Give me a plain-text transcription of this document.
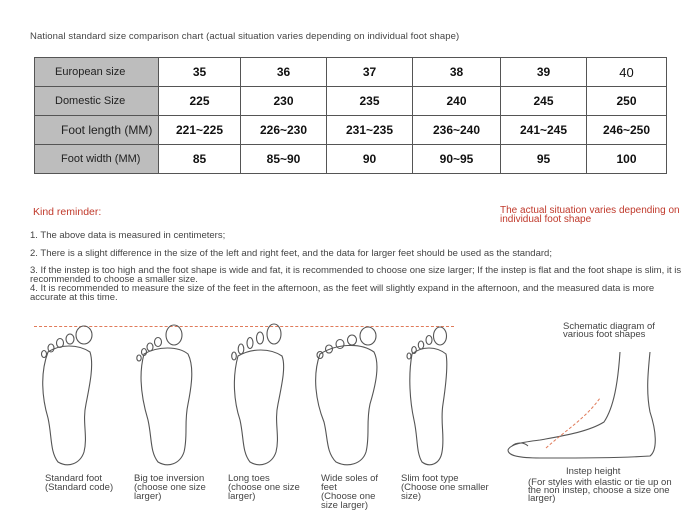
National standard size comparison chart (actual situation varies depending on individual foot shape)
European size	35	36	37	38	39	40
Domestic Size	225	230	235	240	245	250
Foot length (MM)	221~225	226~230	231~235	236~240	241~245	246~250
Foot width (MM)	85	85~90	90	90~95	95	100
Kind reminder:	The actual situation varies depending on individual foot shape
1. The above data is measured in centimeters;
2. There is a slight difference in the size of the left and right feet, and the data for larger feet should be used as the standard;
3. If the instep is too high and the foot shape is wide and fat, it is recommended to choose one size larger; If the instep is flat and the foot shape is slim, it is recommended to choose a smaller size.
4. It is recommended to measure the size of the feet in the afternoon, as the feet will slightly expand in the afternoon, and the measured data is more accurate at this time.
Standard foot
(Standard code)
Big toe inversion
(choose one size larger)
Long toes
(choose one size larger)
Wide soles of feet
(Choose one size larger)
Slim foot type
(Choose one smaller size)
Schematic diagram of various foot shapes
Instep height
(For styles with elastic or tie up on the non instep, choose a size one larger)
